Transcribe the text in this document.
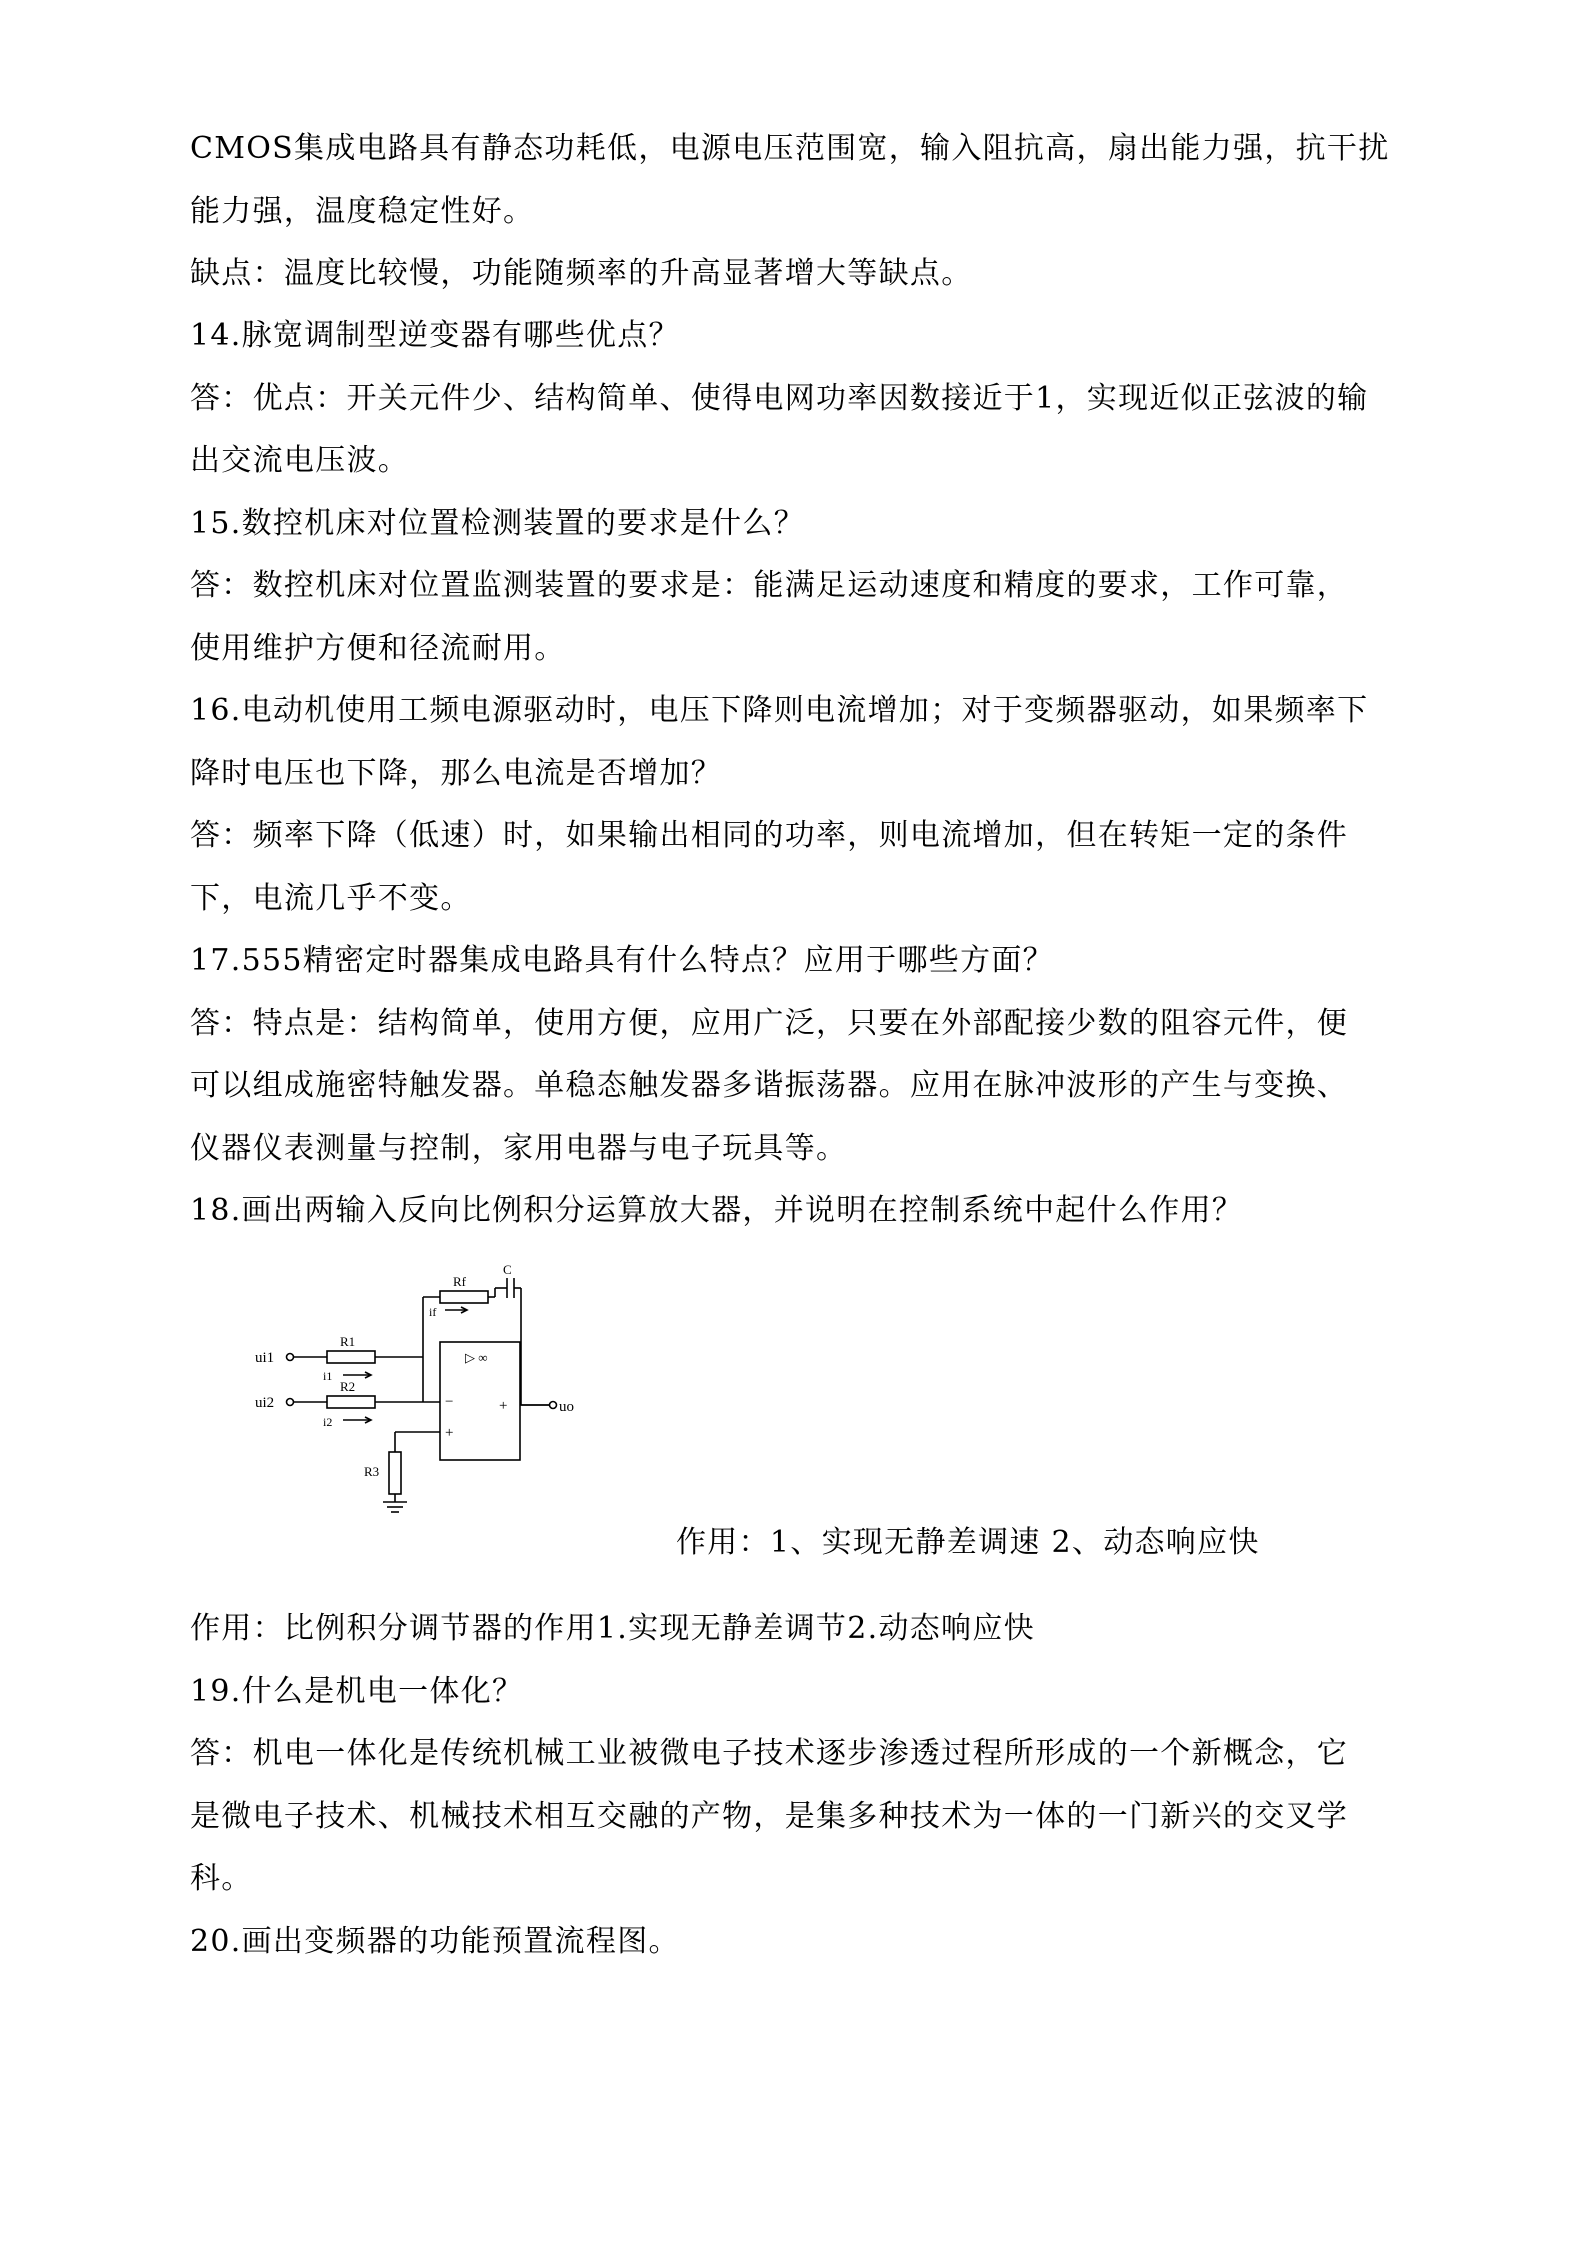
CMOS集成电路具有静态功耗低，电源电压范围宽，输入阻抗高，扇出能力强，抗干扰

能力强，温度稳定性好。

缺点：温度比较慢，功能随频率的升高显著增大等缺点。

14.脉宽调制型逆变器有哪些优点？

答：优点：开关元件少、结构简单、使得电网功率因数接近于1，实现近似正弦波的输

出交流电压波。

15.数控机床对位置检测装置的要求是什么？

答：数控机床对位置监测装置的要求是：能满足运动速度和精度的要求，工作可靠，

使用维护方便和径流耐用。

16.电动机使用工频电源驱动时，电压下降则电流增加；对于变频器驱动，如果频率下

降时电压也下降，那么电流是否增加？

答：频率下降（低速）时，如果输出相同的功率，则电流增加，但在转矩一定的条件

下，电流几乎不变。

17.555精密定时器集成电路具有什么特点？应用于哪些方面？

答：特点是：结构简单，使用方便，应用广泛，只要在外部配接少数的阻容元件，便

可以组成施密特触发器。单稳态触发器多谐振荡器。应用在脉冲波形的产生与变换、

仪器仪表测量与控制，家用电器与电子玩具等。

18.画出两输入反向比例积分运算放大器，并说明在控制系统中起什么作用？

Rf
C
if
ui1
ui2
R1
R2
i1
i2
R3
uo
▷ ∞
−
+
+

作用：1、实现无静差调速 2、动态响应快

作用：比例积分调节器的作用1.实现无静差调节2.动态响应快

19.什么是机电一体化？

答：机电一体化是传统机械工业被微电子技术逐步渗透过程所形成的一个新概念，它

是微电子技术、机械技术相互交融的产物，是集多种技术为一体的一门新兴的交叉学

科。

20.画出变频器的功能预置流程图。
